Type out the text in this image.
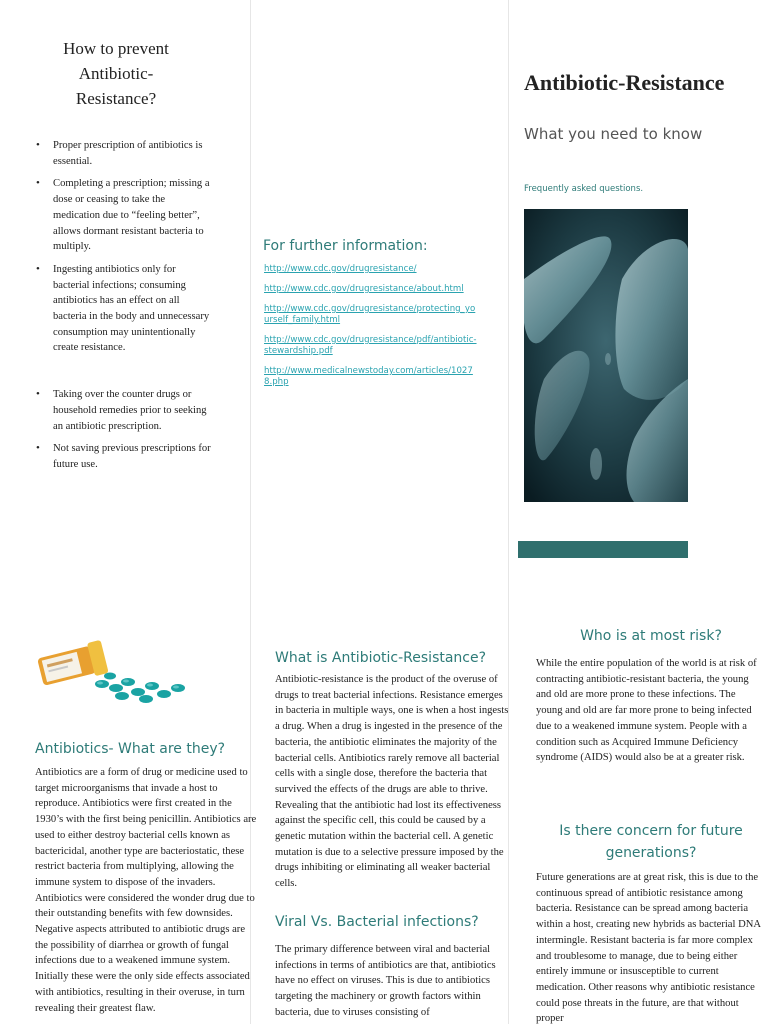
How to prevent Antibiotic-Resistance?
• Proper prescription of antibiotics is essential.
• Completing a prescription; missing a dose or ceasing to take the medication due to “feeling better”, allows dormant resistant bacteria to multiply.
• Ingesting antibiotics only for bacterial infections; consuming antibiotics has an effect on all bacteria in the body and unnecessary consumption may unintentionally create resistance.
• Taking over the counter drugs or household remedies prior to seeking an antibiotic prescription.
• Not saving previous prescriptions for future use.
For further information:
http://www.cdc.gov/drugresistance/
http://www.cdc.gov/drugresistance/about.html
http://www.cdc.gov/drugresistance/protecting_yourself_family.html
http://www.cdc.gov/drugresistance/pdf/antibiotic-stewardship.pdf
http://www.medicalnewstoday.com/articles/10278.php
Antibiotic-Resistance
What you need to know
Frequently asked questions.
Antibiotics- What are they?
Antibiotics are a form of drug or medicine used to target microorganisms that invade a host to reproduce. Antibiotics were first created in the 1930’s with the first being penicillin. Antibiotics are used to either destroy bacterial cells known as bactericidal, another type are bacteriostatic, these restrict bacteria from multiplying, allowing the immune system to dispose of the invaders. Antibiotics were considered the wonder drug due to their outstanding benefits with few downsides. Negative aspects attributed to antibiotic drugs are the possibility of diarrhea or growth of fungal infections due to a weakened immune system. Initially these were the only side effects associated with antibiotics, resulting in their overuse, in turn revealing their greatest flaw.
What is Antibiotic-Resistance?
Antibiotic-resistance is the product of the overuse of drugs to treat bacterial infections. Resistance emerges in bacteria in multiple ways, one is when a host ingests a drug. When a drug is ingested in the presence of the bacteria, the antibiotic eliminates the majority of the bacterial cells. Antibiotics rarely remove all bacterial cells with a single dose, therefore the bacteria that survived the effects of the drugs are able to thrive. Revealing that the antibiotic had lost its effectiveness against the specific cell, this could be caused by a genetic mutation within the bacterial cell. A genetic mutation is due to a selective pressure imposed by the drugs inhibiting or eliminating all weaker bacterial cells.
Viral Vs. Bacterial infections?
The primary difference between viral and bacterial infections in terms of antibiotics are that, antibiotics have no effect on viruses. This is due to antibiotics targeting the machinery or growth factors within bacteria, due to viruses consisting of
Who is at most risk?
While the entire population of the world is at risk of contracting antibiotic-resistant bacteria, the young and old are more prone to these infections. The young and old are far more prone to being infected due to a weakened immune system. People with a condition such as Acquired Immune Deficiency syndrome (AIDS) would also be at a greater risk.
Is there concern for future generations?
Future generations are at great risk, this is due to the continuous spread of antibiotic resistance among bacteria. Resistance can be spread among bacteria within a host, creating new hybrids as bacterial DNA intermingle. Resistant bacteria is far more complex and troublesome to manage, due to being either entirely immune or insusceptible to current medication. Other reasons why antibiotic resistance could pose threats in the future, are that without proper
